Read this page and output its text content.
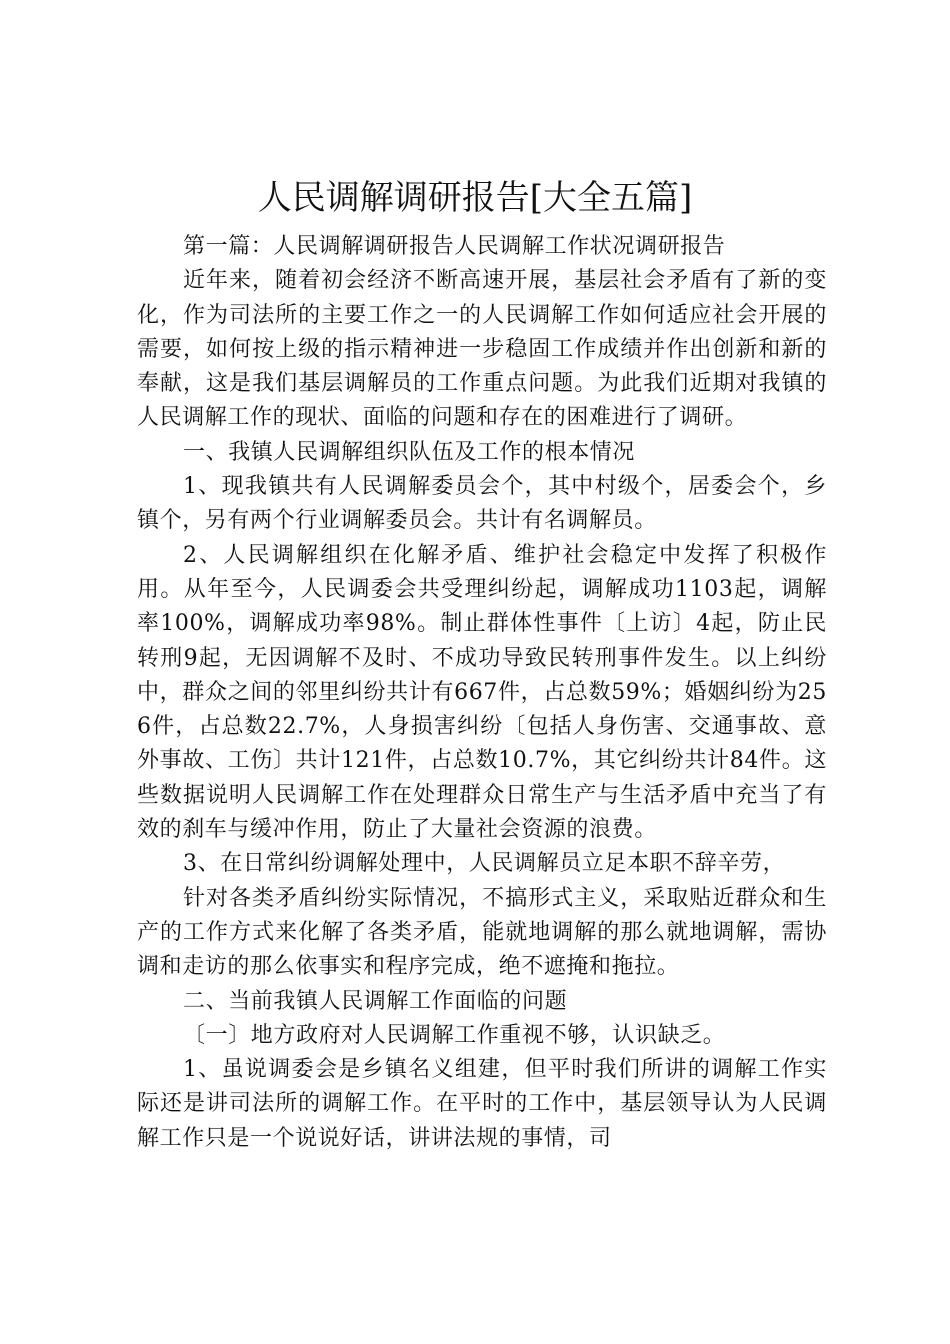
人民调解调研报告[大全五篇]

第一篇：人民调解调研报告人民调解工作状况调研报告

近年来，随着初会经济不断高速开展，基层社会矛盾有了新的变化，作为司法所的主要工作之一的人民调解工作如何适应社会开展的需要，如何按上级的指示精神进一步稳固工作成绩并作出创新和新的奉献，这是我们基层调解员的工作重点问题。为此我们近期对我镇的人民调解工作的现状、面临的问题和存在的困难进行了调研。

一、我镇人民调解组织队伍及工作的根本情况

1、现我镇共有人民调解委员会个，其中村级个，居委会个，乡镇个，另有两个行业调解委员会。共计有名调解员。

2、人民调解组织在化解矛盾、维护社会稳定中发挥了积极作用。从年至今，人民调委会共受理纠纷起，调解成功1103起，调解率100%，调解成功率98%。制止群体性事件〔上访〕4起，防止民转刑9起，无因调解不及时、不成功导致民转刑事件发生。以上纠纷中，群众之间的邻里纠纷共计有667件，占总数59%；婚姻纠纷为256件，占总数22.7%，人身损害纠纷〔包括人身伤害、交通事故、意外事故、工伤〕共计121件，占总数10.7%，其它纠纷共计84件。这些数据说明人民调解工作在处理群众日常生产与生活矛盾中充当了有效的刹车与缓冲作用，防止了大量社会资源的浪费。

3、在日常纠纷调解处理中，人民调解员立足本职不辞辛劳，

针对各类矛盾纠纷实际情况，不搞形式主义，采取贴近群众和生产的工作方式来化解了各类矛盾，能就地调解的那么就地调解，需协调和走访的那么依事实和程序完成，绝不遮掩和拖拉。

二、当前我镇人民调解工作面临的问题

〔一〕地方政府对人民调解工作重视不够，认识缺乏。

1、虽说调委会是乡镇名义组建，但平时我们所讲的调解工作实际还是讲司法所的调解工作。在平时的工作中，基层领导认为人民调解工作只是一个说说好话，讲讲法规的事情，司
